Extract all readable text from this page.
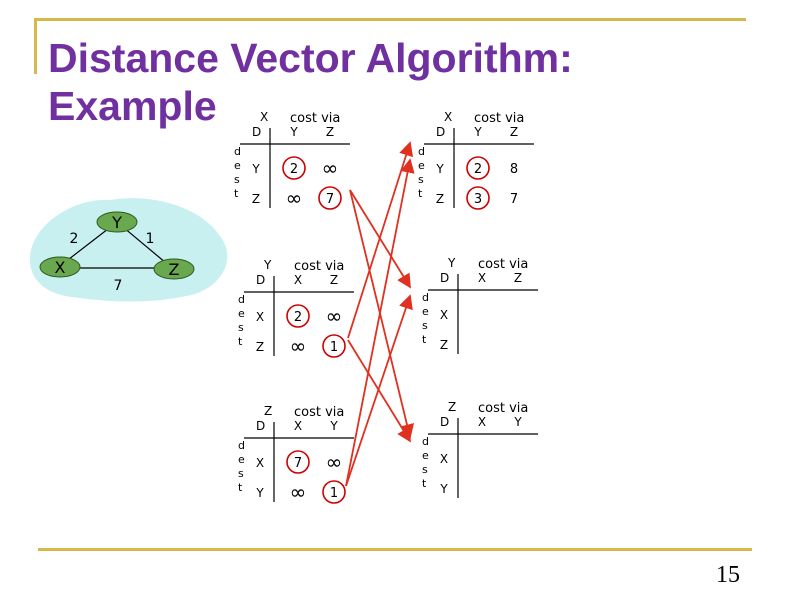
Distance Vector Algorithm:
Example
Y
X	Z
2	1
7
cost via
X
D Y Z
d e s t
Y 2 ∞
Z ∞ 7
cost via
Y
D X Z
d e s t
X 2 ∞
Z ∞ 1
cost via
Z
D X Y
d e s t
X 7 ∞
Y ∞ 1
cost via
X
D Y Z
d e s t
Y 2 8
Z 3 7
cost via
Y
D X Z
d e s t
X
Z
cost via
Z
D X Y
d e s t
X
Y
15
